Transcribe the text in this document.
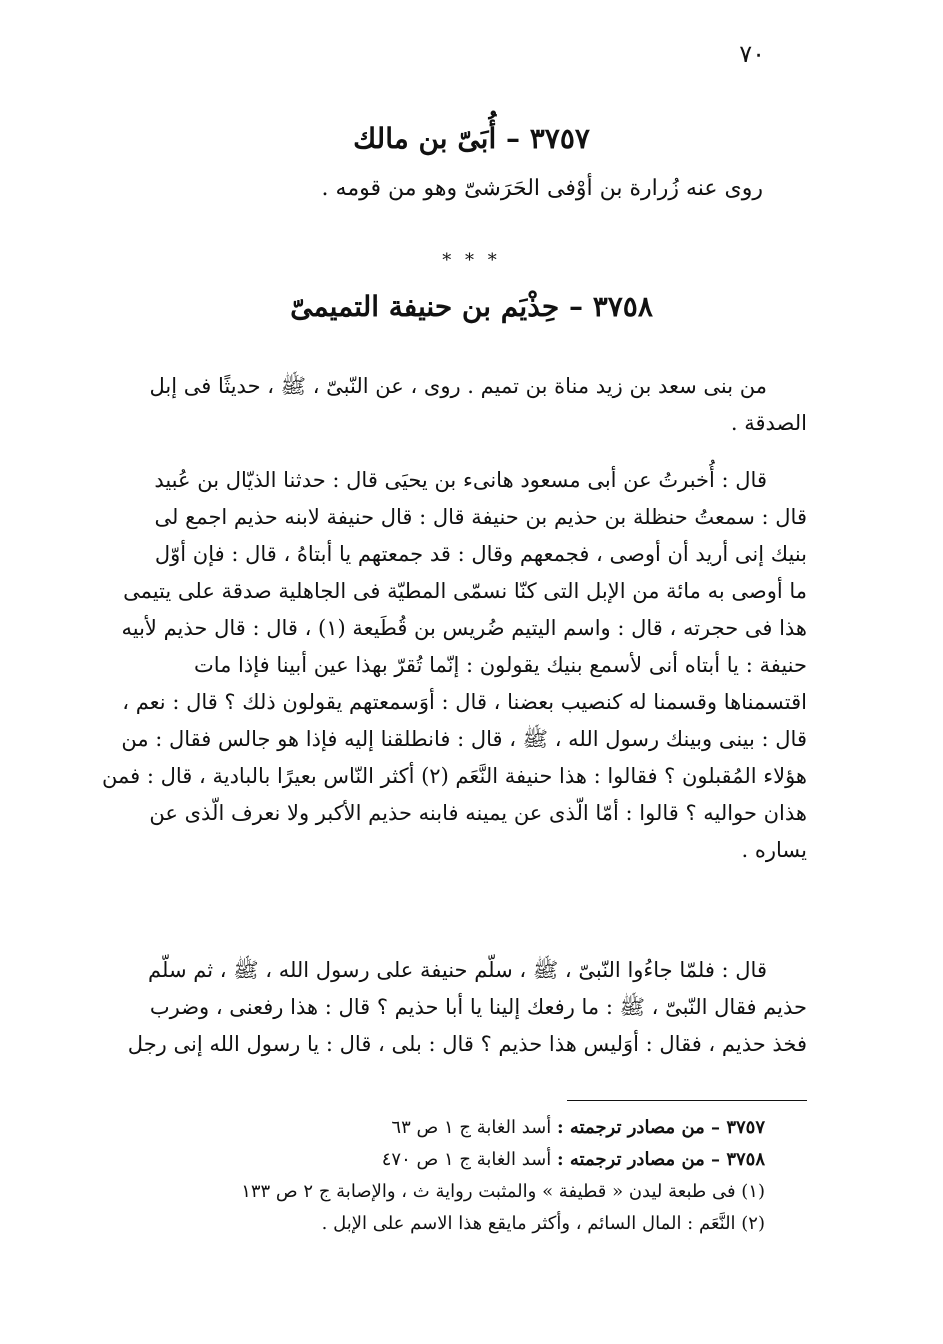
٧٠
٣٧٥٧ – أُبَىّ بن مالك
روى عنه زُرارة بن أوْفى الحَرَشىّ وهو من قومه .
* * *
٣٧٥٨ – حِذْيَم بن حنيفة التميمىّ
من بنى سعد بن زيد مناة بن تميم . روى ، عن النّبىّ ، ﷺ ، حديثًا فى إبل
الصدقة .
قال : أُخبرتُ عن أبى مسعود هانىء بن يحيَى قال : حدثنا الذيّال بن عُبيد
قال : سمعتُ حنظلة بن حذيم بن حنيفة قال : قال حنيفة لابنه حذيم اجمع لى
بنيك إنى أريد أن أوصى ، فجمعهم وقال : قد جمعتهم يا أبتاهُ ، قال : فإن أوّل
ما أوصى به مائة من الإبل التى كنّا نسمّى المطيّة فى الجاهلية صدقة على يتيمى
هذا فى حجرته ، قال : واسم اليتيم ضُريس بن قُطَيعة (١) ، قال : قال حذيم لأبيه
حنيفة : يا أبتاه أنى لأسمع بنيك يقولون : إنّما تُقرّ بهذا عين أبينا فإذا مات
اقتسمناها وقسمنا له كنصيب بعضنا ، قال : أوَسمعتهم يقولون ذلك ؟ قال : نعم ،
قال : بينى وبينك رسول الله ، ﷺ ، قال : فانطلقنا إليه فإذا هو جالس فقال : من
هؤلاء المُقبلون ؟ فقالوا : هذا حنيفة النَّعَم (٢) أكثر النّاس بعيرًا بالبادية ، قال : فمن
هذان حواليه ؟ قالوا : أمّا الّذى عن يمينه فابنه حذيم الأكبر ولا نعرف الّذى عن
يساره .
قال : فلمّا جاءُوا النّبىّ ، ﷺ ، سلّم حنيفة على رسول الله ، ﷺ ، ثم سلّم
حذيم فقال النّبىّ ، ﷺ : ما رفعك إلينا يا أبا حذيم ؟ قال : هذا رفعنى ، وضرب
فخذ حذيم ، فقال : أوَليس هذا حذيم ؟ قال : بلى ، قال : يا رسول الله إنى رجل
٣٧٥٧ – من مصادر ترجمته : أسد الغابة ج ١ ص ٦٣
٣٧٥٨ – من مصادر ترجمته : أسد الغابة ج ١ ص ٤٧٠
(١) فى طبعة ليدن « قطيفة » والمثبت رواية ث ، والإصابة ج ٢ ص ١٣٣
(٢) النَّعَم : المال السائم ، وأكثر مايقع هذا الاسم على الإبل .
